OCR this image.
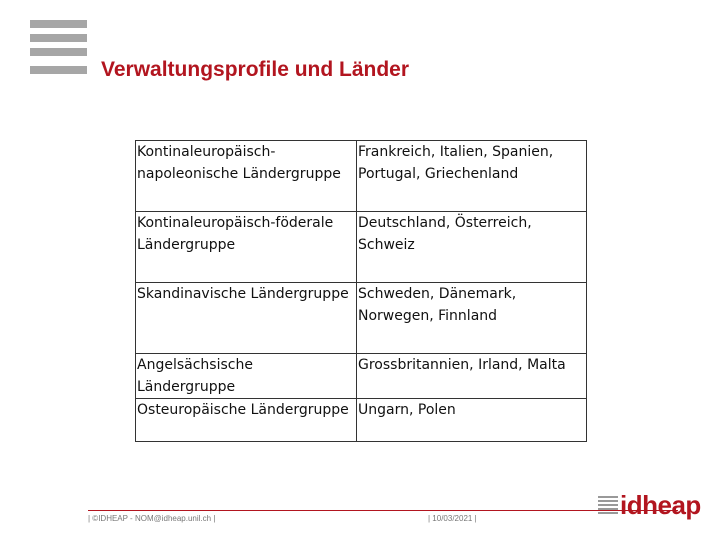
Verwaltungsprofile und Länder
Kontinaleuropäisch-napoleonische Ländergruppe	Frankreich, Italien, Spanien, Portugal, Griechenland
Kontinaleuropäisch-föderale Ländergruppe	Deutschland, Österreich, Schweiz
Skandinavische Ländergruppe	Schweden, Dänemark, Norwegen, Finnland
Angelsächsische Ländergruppe	Grossbritannien, Irland, Malta
Osteuropäische Ländergruppe	Ungarn, Polen
| ©IDHEAP - NOM@idheap.unil.ch |	| 10/03/2021 |	idheap
